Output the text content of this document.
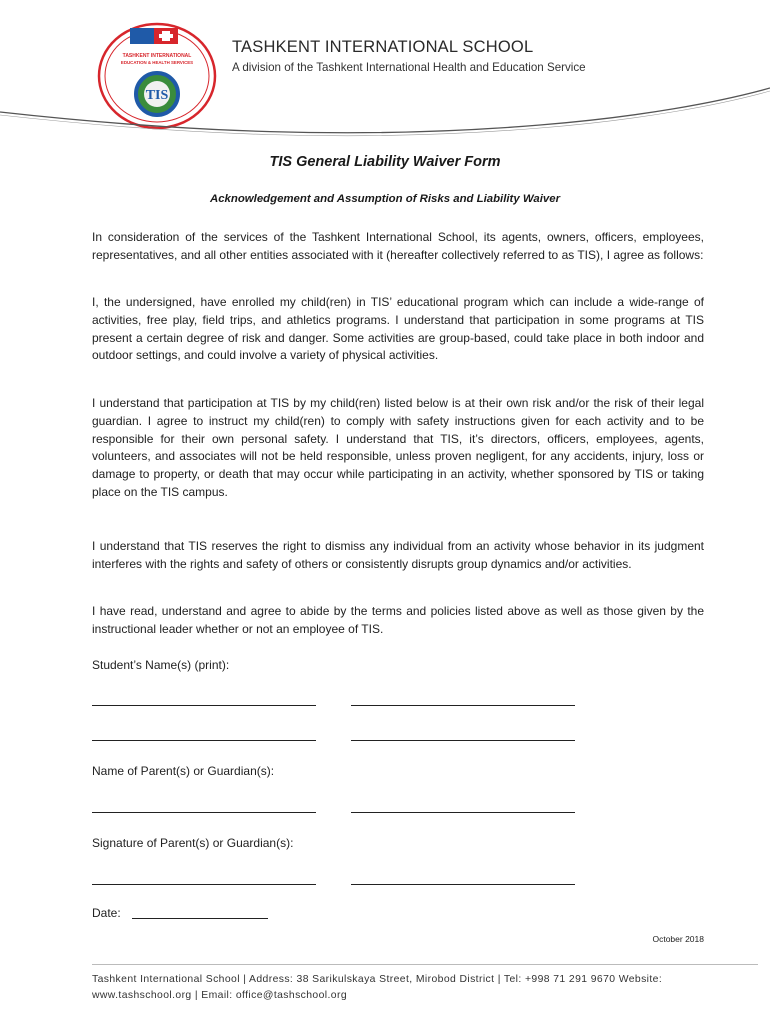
TASHKENT INTERNATIONAL
EDUCATION & HEALTH SERVICES
TIS
TASHKENT INTERNATIONAL SCHOOL
A division of the Tashkent International Health and Education Service
TIS General Liability Waiver Form
Acknowledgement and Assumption of Risks and Liability Waiver
In consideration of the services of the Tashkent International School, its agents, owners, officers, employees, representatives, and all other entities associated with it (hereafter collectively referred to as TIS), I agree as follows:
I, the undersigned, have enrolled my child(ren) in TIS’ educational program which can include a wide-range of activities, free play, field trips, and athletics programs. I understand that participation in some programs at TIS present a certain degree of risk and danger. Some activities are group-based, could take place in both indoor and outdoor settings, and could involve a variety of physical activities.
I understand that participation at TIS by my child(ren) listed below is at their own risk and/or the risk of their legal guardian. I agree to instruct my child(ren) to comply with safety instructions given for each activity and to be responsible for their own personal safety. I understand that TIS, it’s directors, officers, employees, agents, volunteers, and associates will not be held responsible, unless proven negligent, for any accidents, injury, loss or damage to property, or death that may occur while participating in an activity, whether sponsored by TIS or taking place on the TIS campus.
I understand that TIS reserves the right to dismiss any individual from an activity whose behavior in its judgment interferes with the rights and safety of others or consistently disrupts group dynamics and/or activities.
I have read, understand and agree to abide by the terms and policies listed above as well as those given by the instructional leader whether or not an employee of TIS.
Student’s Name(s) (print):
Name of Parent(s) or Guardian(s):
Signature of Parent(s) or Guardian(s):
Date:
October 2018
Tashkent International School | Address: 38 Sarikulskaya Street, Mirobod District | Tel: +998 71 291 9670 Website: www.tashschool.org | Email: office@tashschool.org
